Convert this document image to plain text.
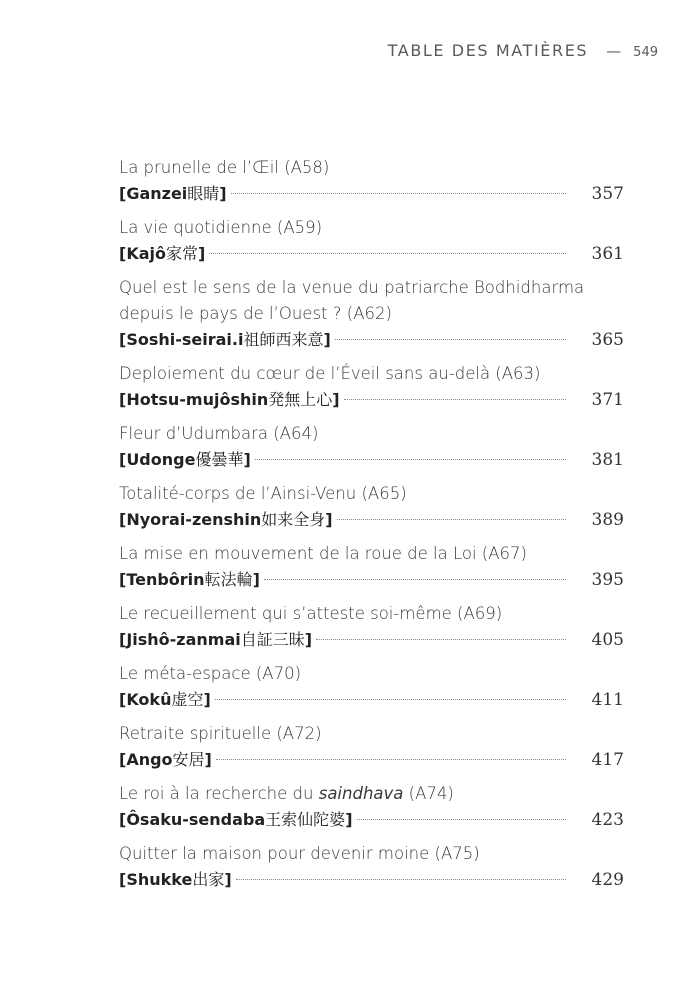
TABLE DES MATIÈRES — 549
La prunelle de l’Œil (A58)
[Ganzei眼睛]	357
La vie quotidienne (A59)
[Kajô家常]	361
Quel est le sens de la venue du patriarche Bodhidharma
depuis le pays de l’Ouest ? (A62)
[Soshi-seirai.i祖師西来意]	365
Deploiement du cœur de l’Éveil sans au-delà (A63)
[Hotsu-mujôshin発無上心]	371
Fleur d’Udumbara (A64)
[Udonge優曇華]	381
Totalité-corps de l’Ainsi-Venu (A65)
[Nyorai-zenshin如来全身]	389
La mise en mouvement de la roue de la Loi (A67)
[Tenbôrin転法輪]	395
Le recueillement qui s’atteste soi-même (A69)
[Jishô-zanmai自証三昧]	405
Le méta-espace (A70)
[Kokû虚空]	411
Retraite spirituelle (A72)
[Ango安居]	417
Le roi à la recherche du saindhava (A74)
[Ôsaku-sendaba王索仙陀婆]	423
Quitter la maison pour devenir moine (A75)
[Shukke出家]	429
